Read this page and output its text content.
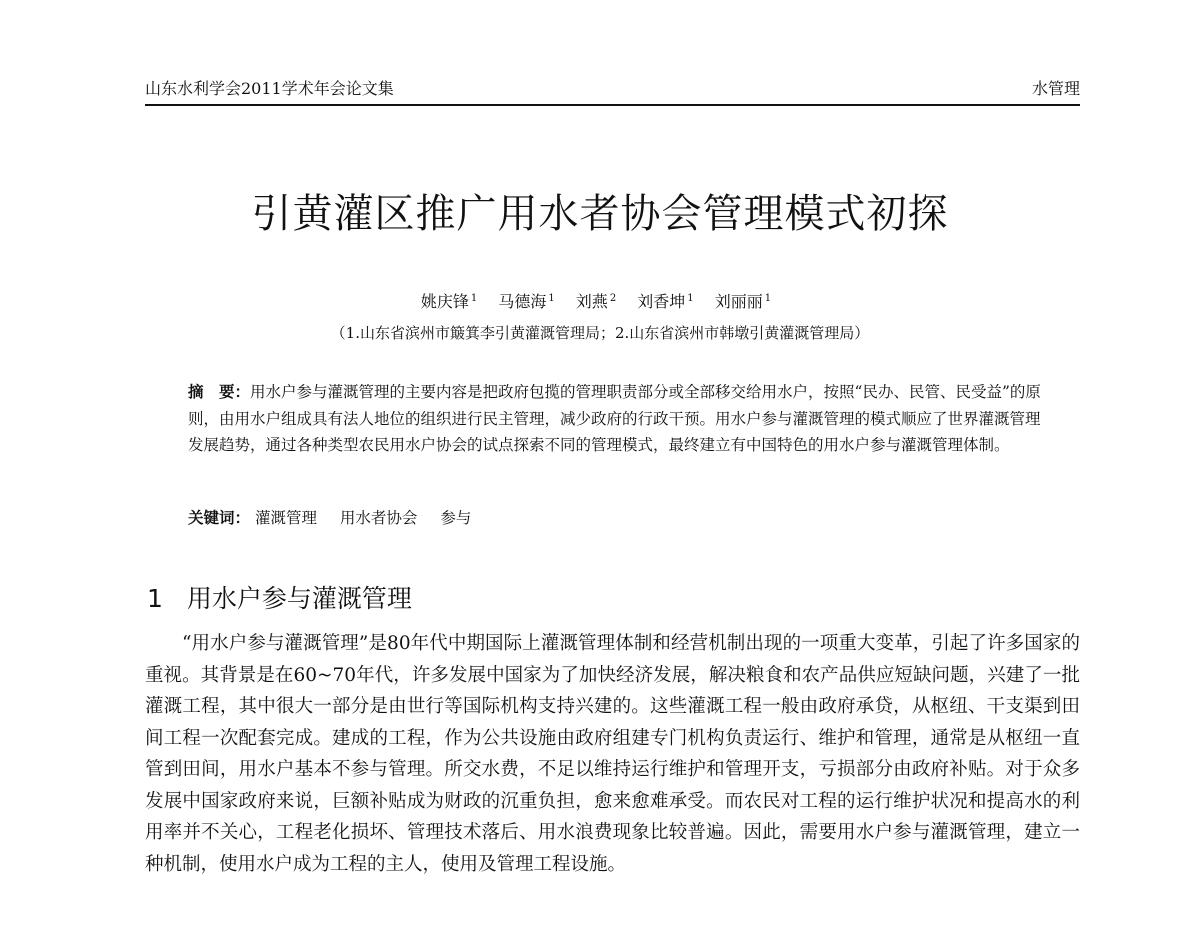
山东水利学会2011学术年会论文集	水管理
引黄灌区推广用水者协会管理模式初探
姚庆锋 $^1$ 马德海 $^1$ 刘燕 $^2$ 刘香坤 $^1$ 刘丽丽 $^1$
（1.山东省滨州市簸箕李引黄灌溉管理局；2.山东省滨州市韩墩引黄灌溉管理局）
摘　要：用水户参与灌溉管理的主要内容是把政府包揽的管理职责部分或全部移交给用水户，按照“民办、民管、民受益”的原则，由用水户组成具有法人地位的组织进行民主管理，减少政府的行政干预。用水户参与灌溉管理的模式顺应了世界灌溉管理发展趋势，通过各种类型农民用水户协会的试点探索不同的管理模式，最终建立有中国特色的用水户参与灌溉管理体制。
关键词： 灌溉管理 用水者协会 参与
1 用水户参与灌溉管理

“用水户参与灌溉管理”是80年代中期国际上灌溉管理体制和经营机制出现的一项重大变革，引起了许多国家的重视。其背景是在60~70年代，许多发展中国家为了加快经济发展，解决粮食和农产品供应短缺问题，兴建了一批灌溉工程，其中很大一部分是由世行等国际机构支持兴建的。这些灌溉工程一般由政府承贷，从枢纽、干支渠到田间工程一次配套完成。建成的工程，作为公共设施由政府组建专门机构负责运行、维护和管理，通常是从枢纽一直管到田间，用水户基本不参与管理。所交水费，不足以维持运行维护和管理开支，亏损部分由政府补贴。对于众多发展中国家政府来说，巨额补贴成为财政的沉重负担，愈来愈难承受。而农民对工程的运行维护状况和提高水的利用率并不关心，工程老化损坏、管理技术落后、用水浪费现象比较普遍。因此，需要用水户参与灌溉管理，建立一种机制，使用水户成为工程的主人，使用及管理工程设施。
